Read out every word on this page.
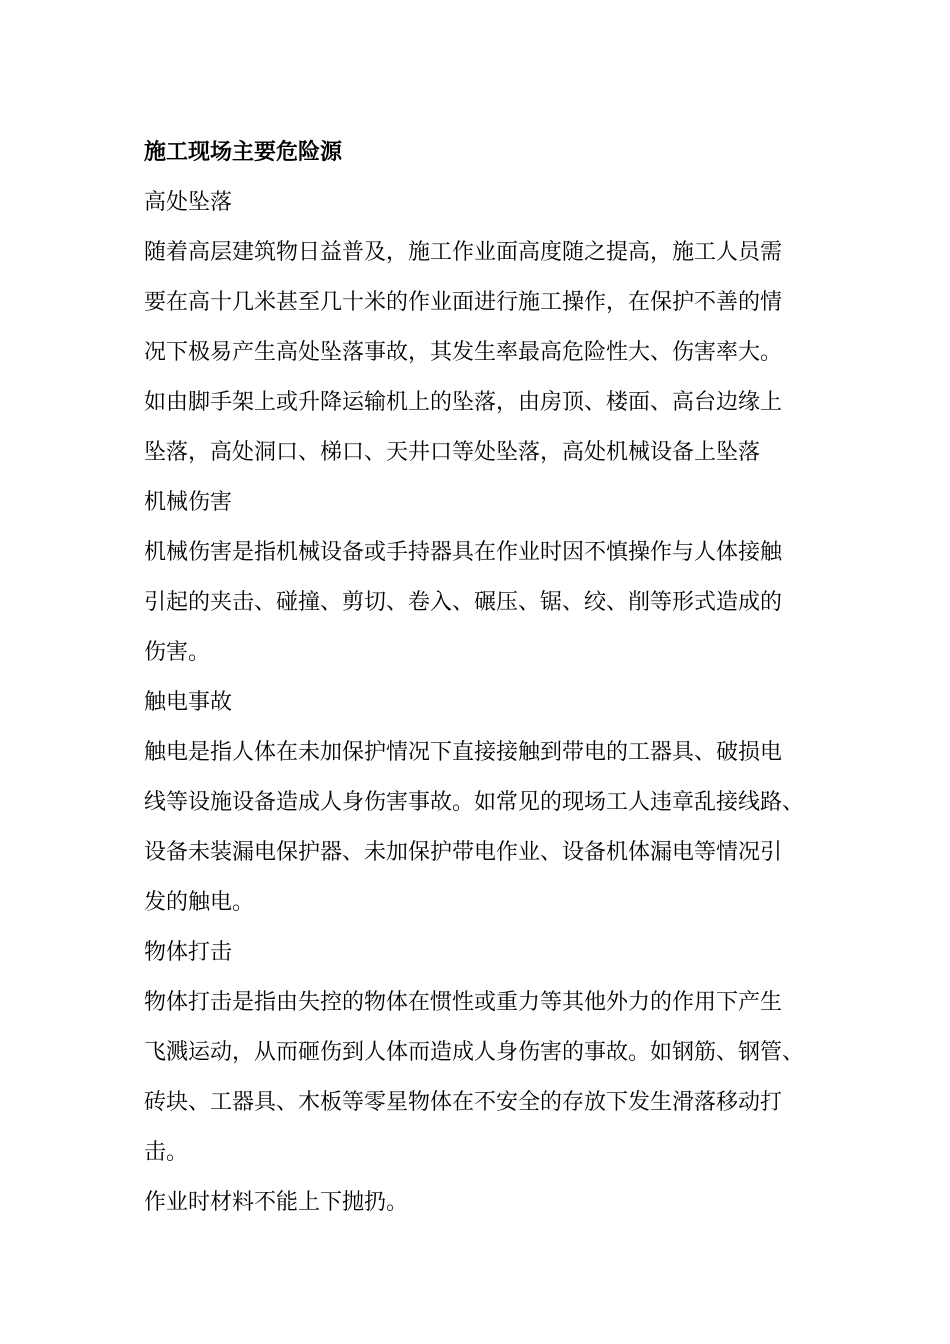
施工现场主要危险源

高处坠落

随着高层建筑物日益普及，施工作业面高度随之提高，施工人员需

要在高十几米甚至几十米的作业面进行施工操作，在保护不善的情

况下极易产生高处坠落事故，其发生率最高危险性大、伤害率大。

如由脚手架上或升降运输机上的坠落，由房顶、楼面、高台边缘上

坠落，高处洞口、梯口、天井口等处坠落，高处机械设备上坠落

机械伤害

机械伤害是指机械设备或手持器具在作业时因不慎操作与人体接触

引起的夹击、碰撞、剪切、卷入、碾压、锯、绞、削等形式造成的

伤害。

触电事故

触电是指人体在未加保护情况下直接接触到带电的工器具、破损电

线等设施设备造成人身伤害事故。如常见的现场工人违章乱接线路、

设备未装漏电保护器、未加保护带电作业、设备机体漏电等情况引

发的触电。

物体打击

物体打击是指由失控的物体在惯性或重力等其他外力的作用下产生

飞溅运动，从而砸伤到人体而造成人身伤害的事故。如钢筋、钢管、

砖块、工器具、木板等零星物体在不安全的存放下发生滑落移动打

击。

作业时材料不能上下抛扔。
